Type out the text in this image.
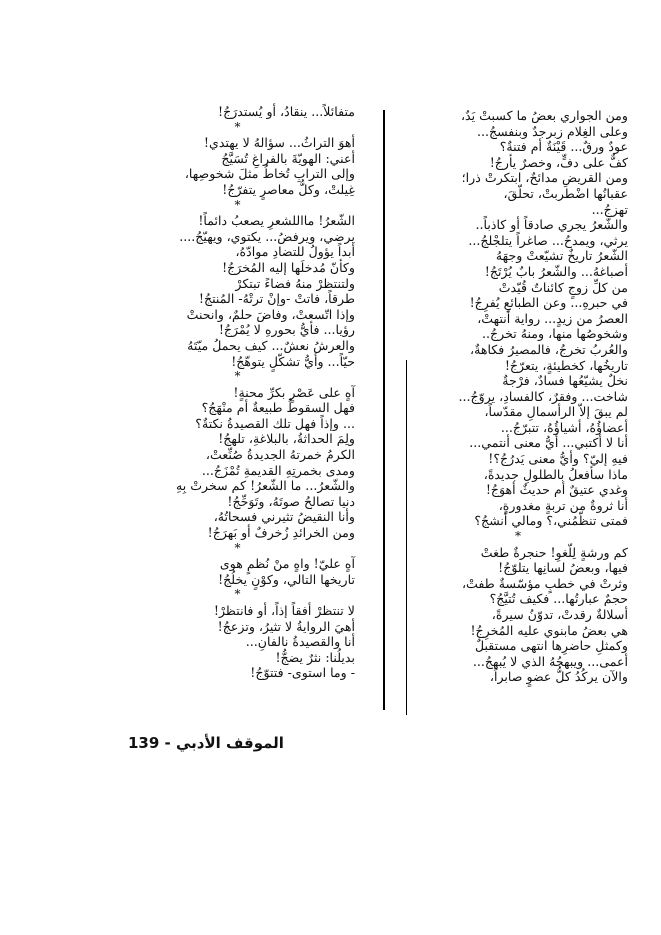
ومن الجواري بعضُ ما كسبتْ يَدٌ،
وعلى الغِلام زبرجدٌ وبنفسجُ...
عودٌ ورقٌ... قَيْنَةٌ أم فتنةٌ؟
كفٌّ على دفٍّ، وخصرٌ يأرجُ!
ومن القريضِ مدائحٌ، ابتكرتْ ذرا؛
عقبانُها اضْطربتْ، تحلّقَ،
تهزجُ...
والشّعرُ يجري صادقاً أو كاذباً..
يرثي، ويمدحُ... صاغراً يتلجْلجُ...
الشّعرُ تاريخٌ تشيّعتْ وجهَهُ
أصباغهُ... والشّعرُ بابٌ يُرْتَجُ!
من كلِّ زوجٍ كائناتٌ قُيّدتْ
في حبرهِ... وعن الطبائعِ يُفرِجُ!
العصرُ من زيدٍ... رواية أنتهتْ،
وشخوصُها منها، ومنهُ تخرجُ..
والعُربُ تخرجُ، فالمصيرُ فكاهةٌ،
تاريخُها، كخطيئةٍ، يتعرّجُ!
نخلٌ يشيّعُها فسادٌ، فرْجةٌ
شاخت... وفقرٌ، كالفسادِ، يروّجُ...
لم يبقَ إلاّ الرأسمالِ مقدّساً،
أعضاؤُهُ، أشياؤُهُ، تتبرّجُ...
أنا لا أكتبي... أيُّ معنى أنتمي...
فيهِ إليّ؟ وأيُّ معنى يَدرُجُ؟!
ماذا سأفعلُ بالطلولِ جديدةً،
وغدي عتيقٌ أم حديثٌ أهوَجُ!
أنا ثروةٌ من تربةٍ مغدورةٍ،
فمتى تنظّمُني،؟ ومالي أنشجُ؟
*
كم ورشةٍ لِلّغوِ! حنجرةٌ طغتْ
فيها، وبعضُ لسانِها يتلوّجُ!
وثرتْ في خطبٍ مؤسّسةٌ طفتْ،
حجمٌ عبارتُها... فكيف تُتيَّجُ؟
أسلالةٌ رقدتْ، تدوّنُ سيرةً،
هي بعضُ مابنوي عليه المُخرِجُ!
وكمثلِ حاضرِها انتهى مستقبلٌ
أعمى... ويبهجُهُ الذي لا يُبهجُ...
والآن يركُدُ كلُّ عضوٍ صابراً،
متفائلاً... ينقادُ، أو يُستدرَجُ!
*
أهوَ التراثُ... سؤالهُ لا يهتدي!
أعني: الهويّةَ بالفراغِ تُسَيَّجُ
وإلى الترابِ تُخاطُ مثلَ شخوصِها،
غِيلتْ، وكلُّ معاصرٍ يتفرّجُ!
*
الشّعرُ! مااللشعرِ يصعبُ دائماً!
يرضي، ويرفضُ... يكتوي، ويهيّجُ....
أبداً يؤولُ للتضادِ موادّهُ،
وكأنّ مُدخلَها إليه المُخرَجُ!
ولتنتظرْ منهُ فضاءً تبتكرْ
طرقاً، فاتتْ -وإنْ ترتْهُ- المُنتجُ!
وإذا اتّسعتْ، وفاضَ حلمٌ، وانحنتْ
رؤيا... فأيُّ بحورهِ لا يُمْرَجُ!
والعرشُ نعشٌ... كيف يحملُ ميّتَهُ
حيّاً... وأيُّ تشكّلٍ يتوهّجُ!
*
آهٍ على عَصْرٍ بكرِّ محنةٍ!
فهل السقوطُ طبيعةٌ أم منْهَجُ؟
... وإذاً فهل تلك القصيدةُ نكتةٌ؟
ولِمَ الحداثةُ، بالبلاغةِ، تلهجُ!
الكرمُ خمرتهُ الجديدةُ صُنِّعتْ،
ومدى بخمرتِهِ القديمةِ تُمْزَجُ...
والشّعرُ... ما الشّعرُ! كم سخرتْ بِهِ
دنيا تصالحُ صوتَهُ، وتَوَحِّجُ!
وأنا النقيضُ تثيرني فسحاتُهُ،
ومن الخرائدِ زُخرفٌ أو بَهرَجُ!
*
آهٍ عليّ! واهٍ منْ نُظمٍ هوى
تاريخها التالي، وكوْنٍ يخلُجُ!
*
لا تنتظرْ أفقاً إذاً، أو فانتظرْ!
أهيَ الروايةُ لا تثيرُ، وتزعجُ!
أنا والقصيدةُ نالفانِ...
بديلُنا: نثرٌ يضجُّ!
- وما استوى- فتتوّجُ!
الموقف الأدبي - 139
